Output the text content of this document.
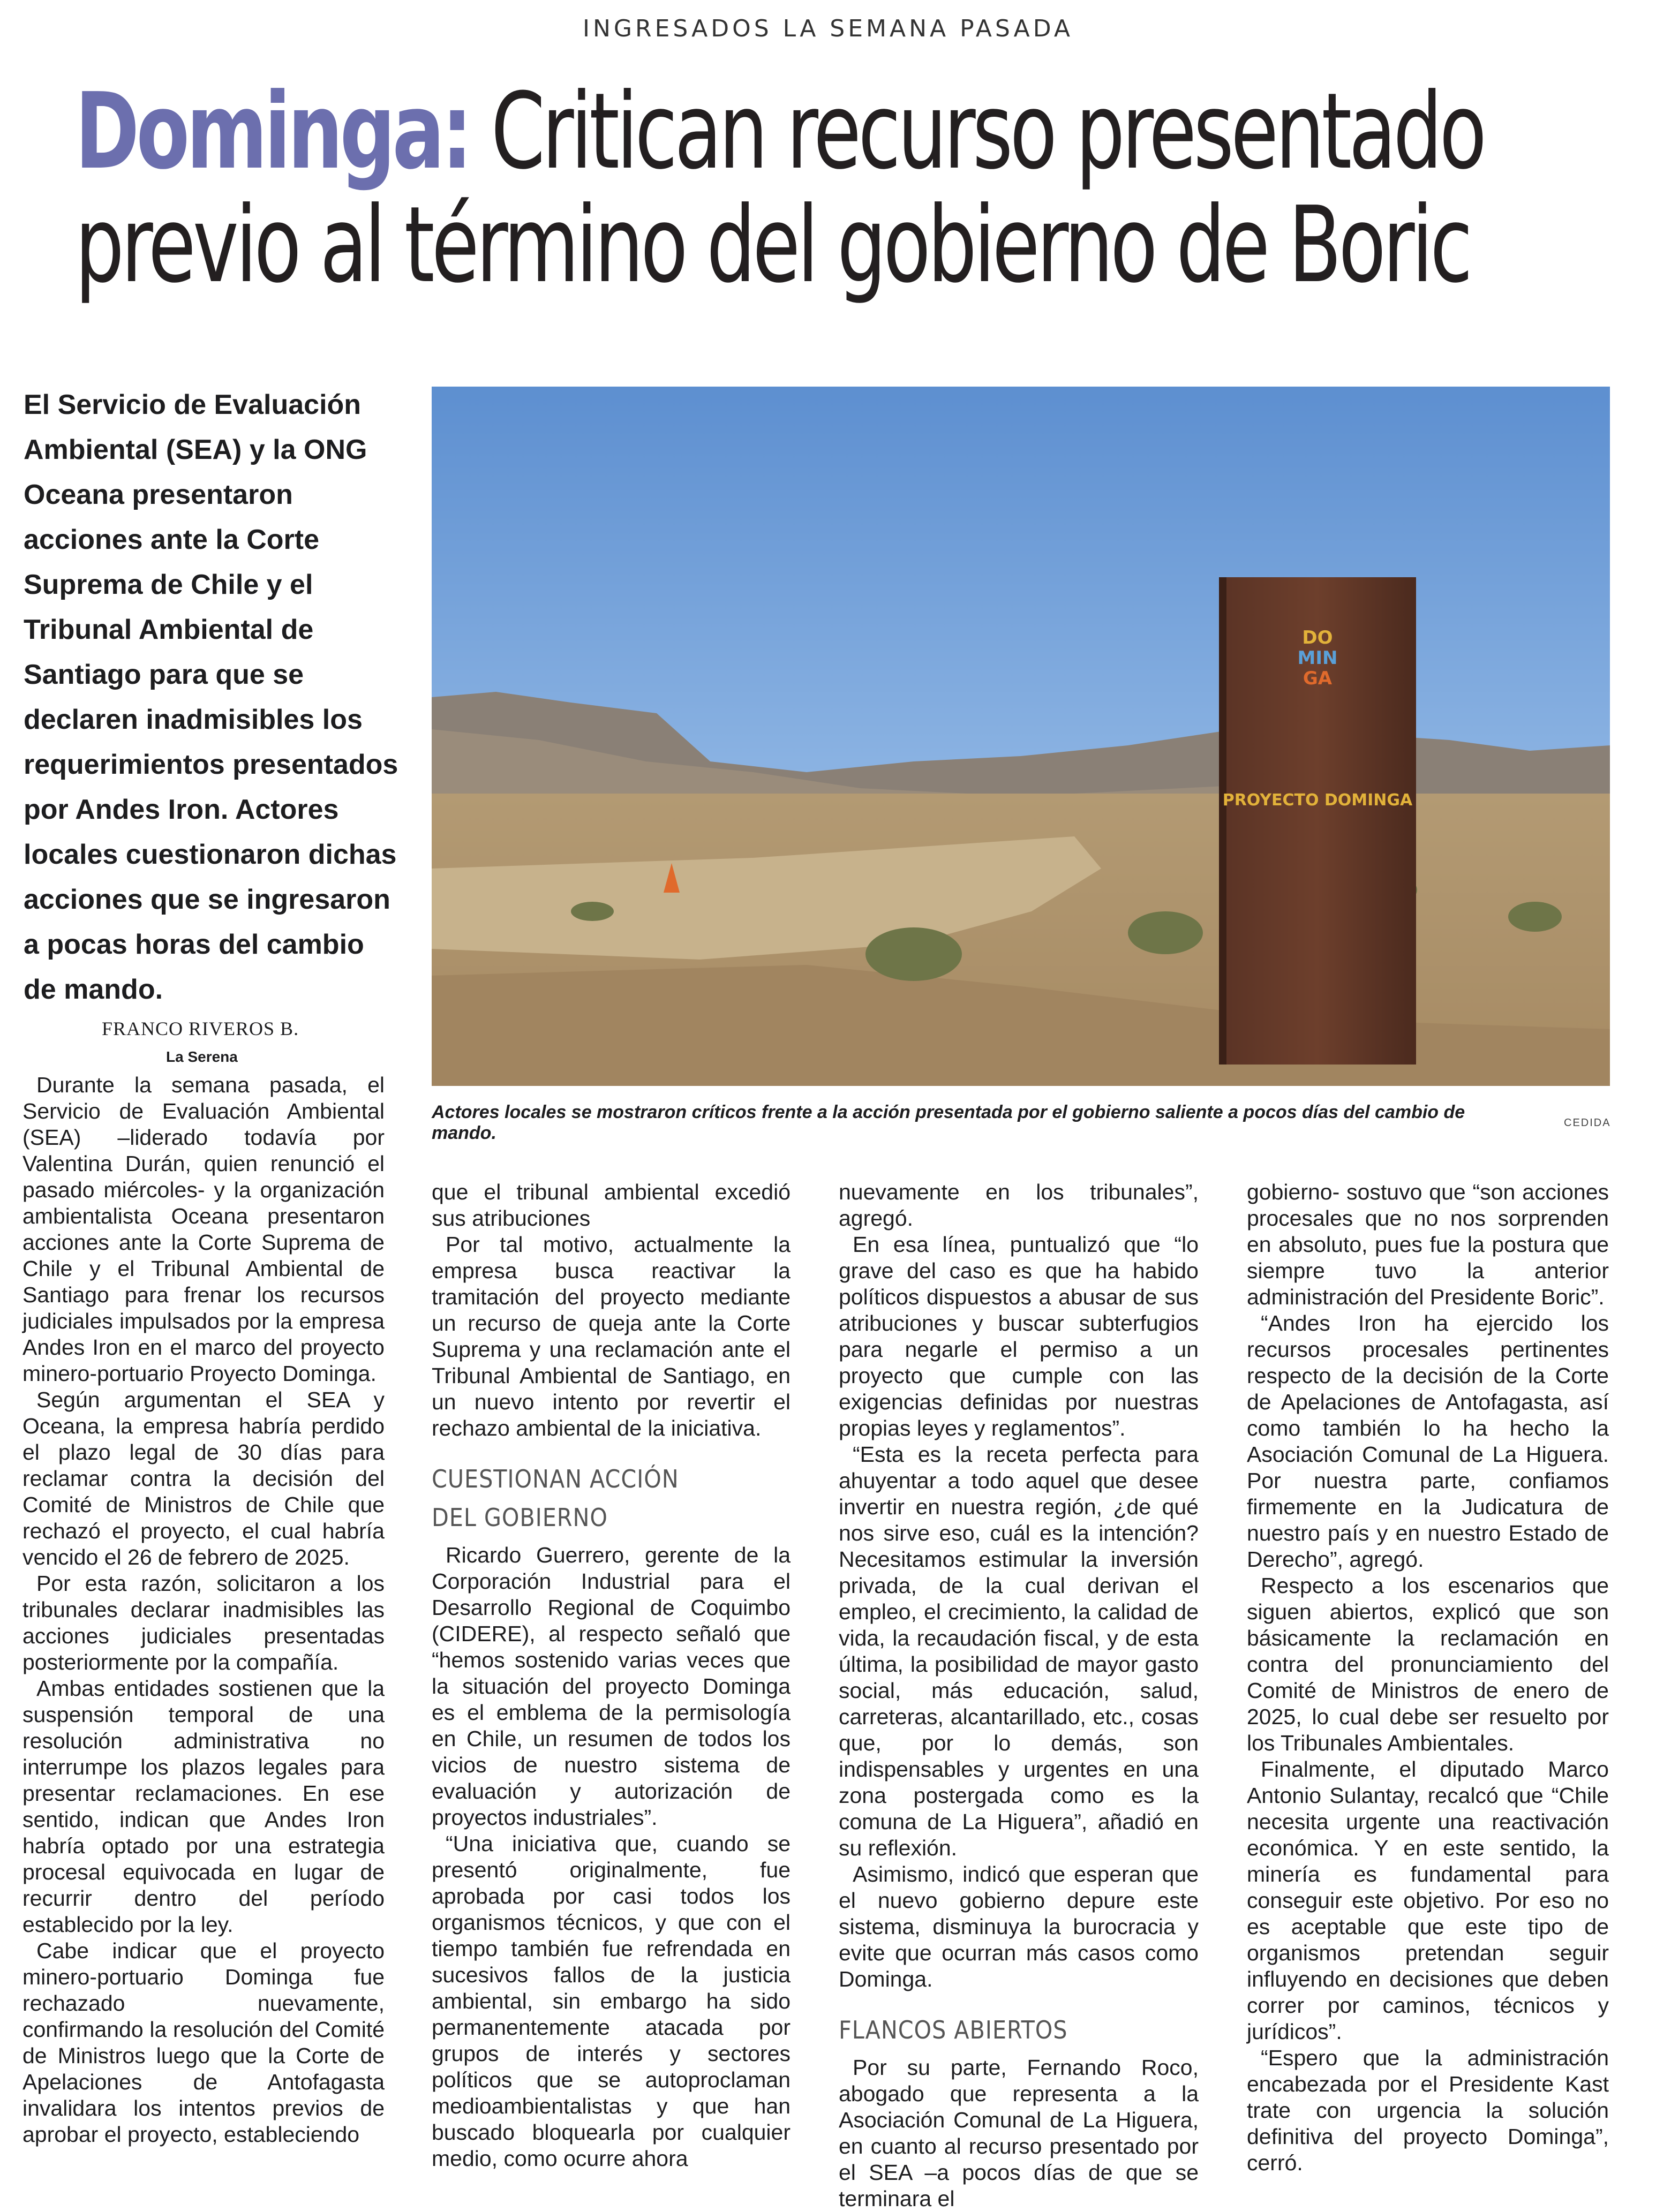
INGRESADOS LA SEMANA PASADA
Dominga: Critican recurso presentado
previo al término del gobierno de Boric
El Servicio de Evaluación Ambiental (SEA) y la ONG Oceana presentaron acciones ante la Corte Suprema de Chile y el Tribunal Ambiental de Santiago para que se declaren inadmisibles los requerimientos presentados por Andes Iron. Actores locales cuestionaron dichas acciones que se ingresaron a pocas horas del cambio de mando.
FRANCO RIVEROS B.
La Serena
DO
MIN
GA
PROYECTO DOMINGA
Actores locales se mostraron críticos frente a la acción presentada por el gobierno saliente a pocos días del cambio de mando.	CEDIDA

Durante la semana pasada, el Servicio de Evaluación Ambiental (SEA) –liderado todavía por Valentina Durán, quien renunció el pasado miércoles- y la organización ambientalista Oceana presentaron acciones ante la Corte Suprema de Chile y el Tribunal Ambiental de Santiago para frenar los recursos judiciales impulsados por la empresa Andes Iron en el marco del proyecto minero-portuario Proyecto Dominga.

Según argumentan el SEA y Oceana, la empresa habría perdido el plazo legal de 30 días para reclamar contra la decisión del Comité de Ministros de Chile que rechazó el proyecto, el cual habría vencido el 26 de febrero de 2025.

Por esta razón, solicitaron a los tribunales declarar inadmisibles las acciones judiciales presentadas posteriormente por la compañía.

Ambas entidades sostienen que la suspensión temporal de una resolución administrativa no interrumpe los plazos legales para presentar reclamaciones. En ese sentido, indican que Andes Iron habría optado por una estrategia procesal equivocada en lugar de recurrir dentro del período establecido por la ley.

Cabe indicar que el proyecto minero-portuario Dominga fue rechazado nuevamente, confirmando la resolución del Comité de Ministros luego que la Corte de Apelaciones de Antofagasta invalidara los intentos previos de aprobar el proyecto, estableciendo

que el tribunal ambiental excedió sus atribuciones

Por tal motivo, actualmente la empresa busca reactivar la tramitación del proyecto mediante un recurso de queja ante la Corte Suprema y una reclamación ante el Tribunal Ambiental de Santiago, en un nuevo intento por revertir el rechazo ambiental de la iniciativa.

CUESTIONAN ACCIÓN
DEL GOBIERNO

Ricardo Guerrero, gerente de la Corporación Industrial para el Desarrollo Regional de Coquimbo (CIDERE), al respecto señaló que “hemos sostenido varias veces que la situación del proyecto Dominga es el emblema de la permisología en Chile, un resumen de todos los vicios de nuestro sistema de evaluación y autorización de proyectos industriales”.

“Una iniciativa que, cuando se presentó originalmente, fue aprobada por casi todos los organismos técnicos, y que con el tiempo también fue refrendada en sucesivos fallos de la justicia ambiental, sin embargo ha sido permanentemente atacada por grupos de interés y sectores políticos que se autoproclaman medioambientalistas y que han buscado bloquearla por cualquier medio, como ocurre ahora

nuevamente en los tribunales”, agregó.

En esa línea, puntualizó que “lo grave del caso es que ha habido políticos dispuestos a abusar de sus atribuciones y buscar subterfugios para negarle el permiso a un proyecto que cumple con las exigencias definidas por nuestras propias leyes y reglamentos”.

“Esta es la receta perfecta para ahuyentar a todo aquel que desee invertir en nuestra región, ¿de qué nos sirve eso, cuál es la intención? Necesitamos estimular la inversión privada, de la cual derivan el empleo, el crecimiento, la calidad de vida, la recaudación fiscal, y de esta última, la posibilidad de mayor gasto social, más educación, salud, carreteras, alcantarillado, etc., cosas que, por lo demás, son indispensables y urgentes en una zona postergada como es la comuna de La Higuera”, añadió en su reflexión.

Asimismo, indicó que esperan que el nuevo gobierno depure este sistema, disminuya la burocracia y evite que ocurran más casos como Dominga.

FLANCOS ABIERTOS

Por su parte, Fernando Roco, abogado que representa a la Asociación Comunal de La Higuera, en cuanto al recurso presentado por el SEA –a pocos días de que se terminara el

gobierno- sostuvo que “son acciones procesales que no nos sorprenden en absoluto, pues fue la postura que siempre tuvo la anterior administración del Presidente Boric”.

“Andes Iron ha ejercido los recursos procesales pertinentes respecto de la decisión de la Corte de Apelaciones de Antofagasta, así como también lo ha hecho la Asociación Comunal de La Higuera. Por nuestra parte, confiamos firmemente en la Judicatura de nuestro país y en nuestro Estado de Derecho”, agregó.

Respecto a los escenarios que siguen abiertos, explicó que son básicamente la reclamación en contra del pronunciamiento del Comité de Ministros de enero de 2025, lo cual debe ser resuelto por los Tribunales Ambientales.

Finalmente, el diputado Marco Antonio Sulantay, recalcó que “Chile necesita urgente una reactivación económica. Y en este sentido, la minería es fundamental para conseguir este objetivo. Por eso no es aceptable que este tipo de organismos pretendan seguir influyendo en decisiones que deben correr por caminos, técnicos y jurídicos”.

“Espero que la administración encabezada por el Presidente Kast trate con urgencia la solución definitiva del proyecto Dominga”, cerró.
